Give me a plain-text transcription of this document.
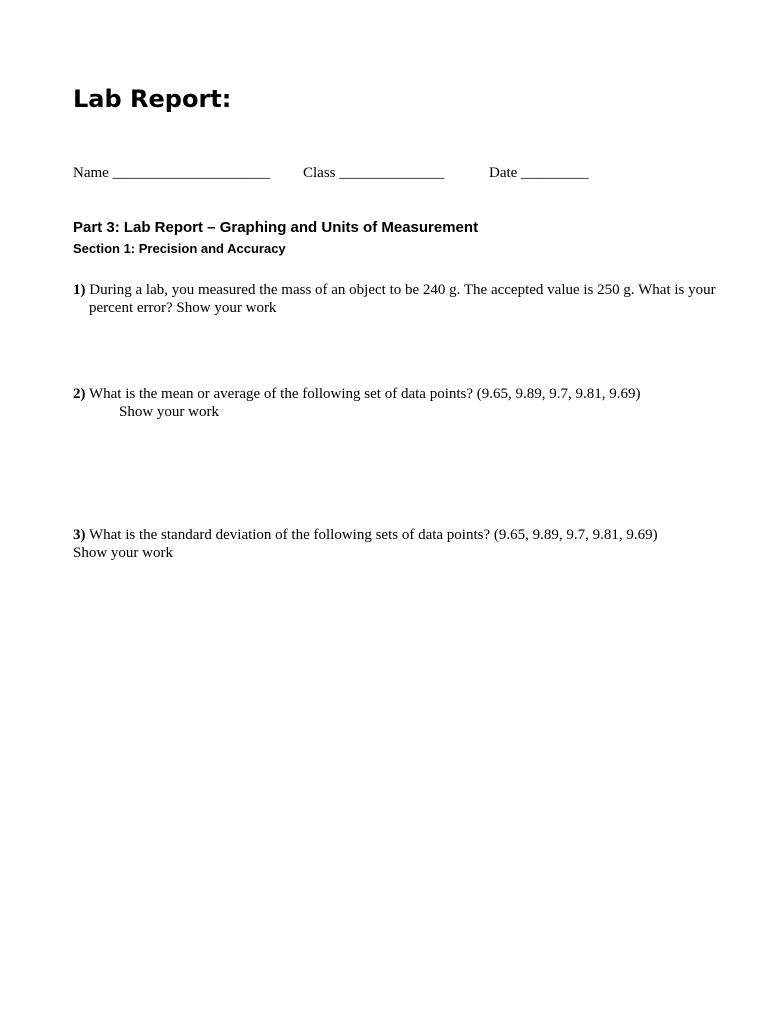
Lab Report:
Name _____________________ Class ______________	Date _________
Part 3: Lab Report – Graphing and Units of Measurement
Section 1: Precision and Accuracy
1) During a lab, you measured the mass of an object to be 240 g. The accepted value is 250 g. What is your percent error? Show your work
2) What is the mean or average of the following set of data points? (9.65, 9.89, 9.7, 9.81, 9.69)
Show your work
3) What is the standard deviation of the following sets of data points? (9.65, 9.89, 9.7, 9.81, 9.69)
Show your work
